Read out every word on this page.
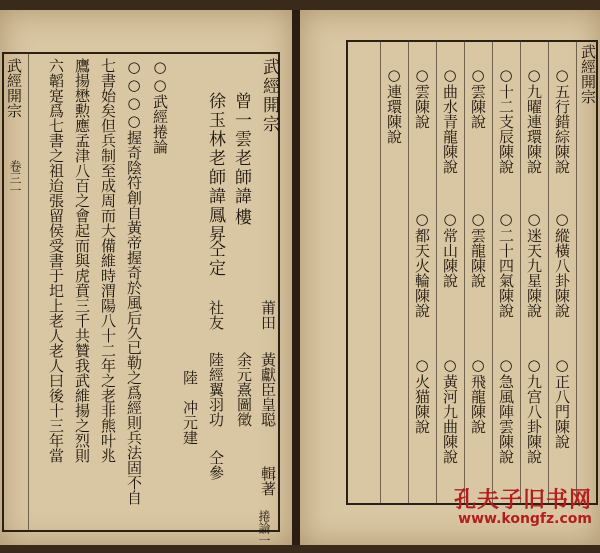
武經開宗
卷三一
武經開宗
曾一雲老師諱
樓
徐玉林老師諱鳳昇
仝定
莆田
黃獻臣皇聪
輯著
余元熹圖徵
社友
陸經翼羽功
仝參
陸　冲元建
○○武經捲論
○○○○握奇陰符創自黃帝握奇於風后久已勒之爲經則兵法固不自
七書始矣但兵制至成周而大備維時渭陽八十二年之老非熊叶兆
鷹揚懋勲應孟津八百之會起而與虎賁三千共贊我武維揚之烈則
六韜寔爲七書之祖迨張留侯受書于圯上老人老人曰後十三年當
捲論一
武經開宗
○五行錯綜陳說
○縱橫八卦陳說
○正八門陳說
○九曜連環陳說
○迷天九星陳說
○九宫八卦陳說
○十二支辰陳說
○二十四氣陳說
○急風陣雲陳說
○雲陳說
○雲龍陳說
○飛龍陳說
○曲水青龍陳說
○常山陳說
○黃河九曲陳說
○雲陳說
○都天火輪陳說
○火猫陳說
○連環陳說
孔夫子旧书网
www.kongfz.com
